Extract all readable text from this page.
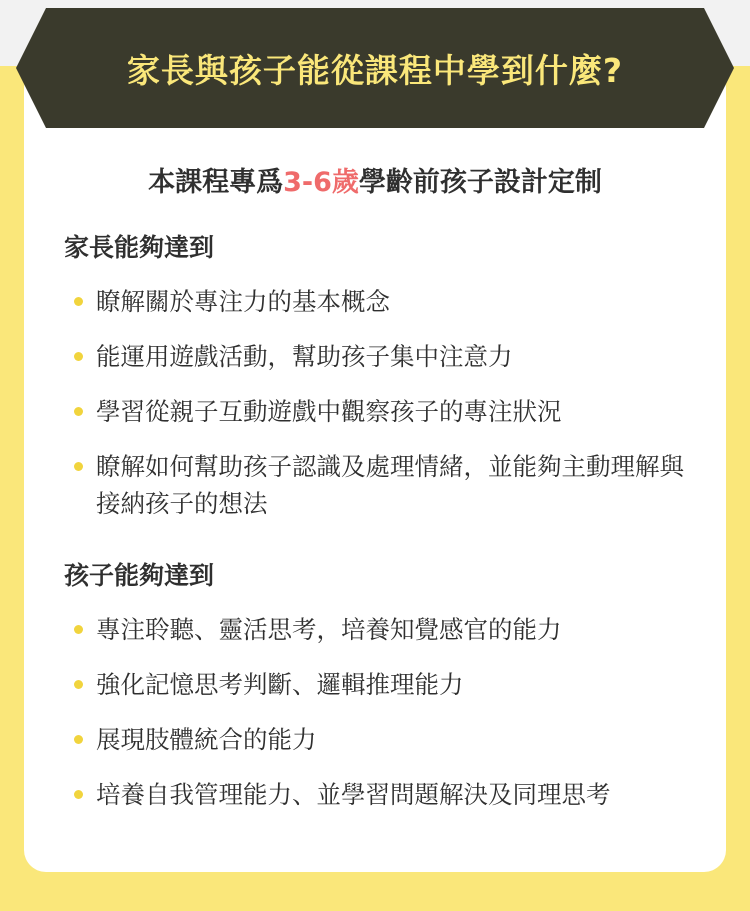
家長與孩子能從課程中學到什麼?
本課程專爲3-6歲學齡前孩子設計定制
家長能夠達到
瞭解關於專注力的基本概念
能運用遊戲活動，幫助孩子集中注意力
學習從親子互動遊戲中觀察孩子的專注狀況
瞭解如何幫助孩子認識及處理情緒，並能夠主動理解與接納孩子的想法
孩子能夠達到
專注聆聽、靈活思考，培養知覺感官的能力
強化記憶思考判斷、邏輯推理能力
展現肢體統合的能力
培養自我管理能力、並學習問題解決及同理思考
